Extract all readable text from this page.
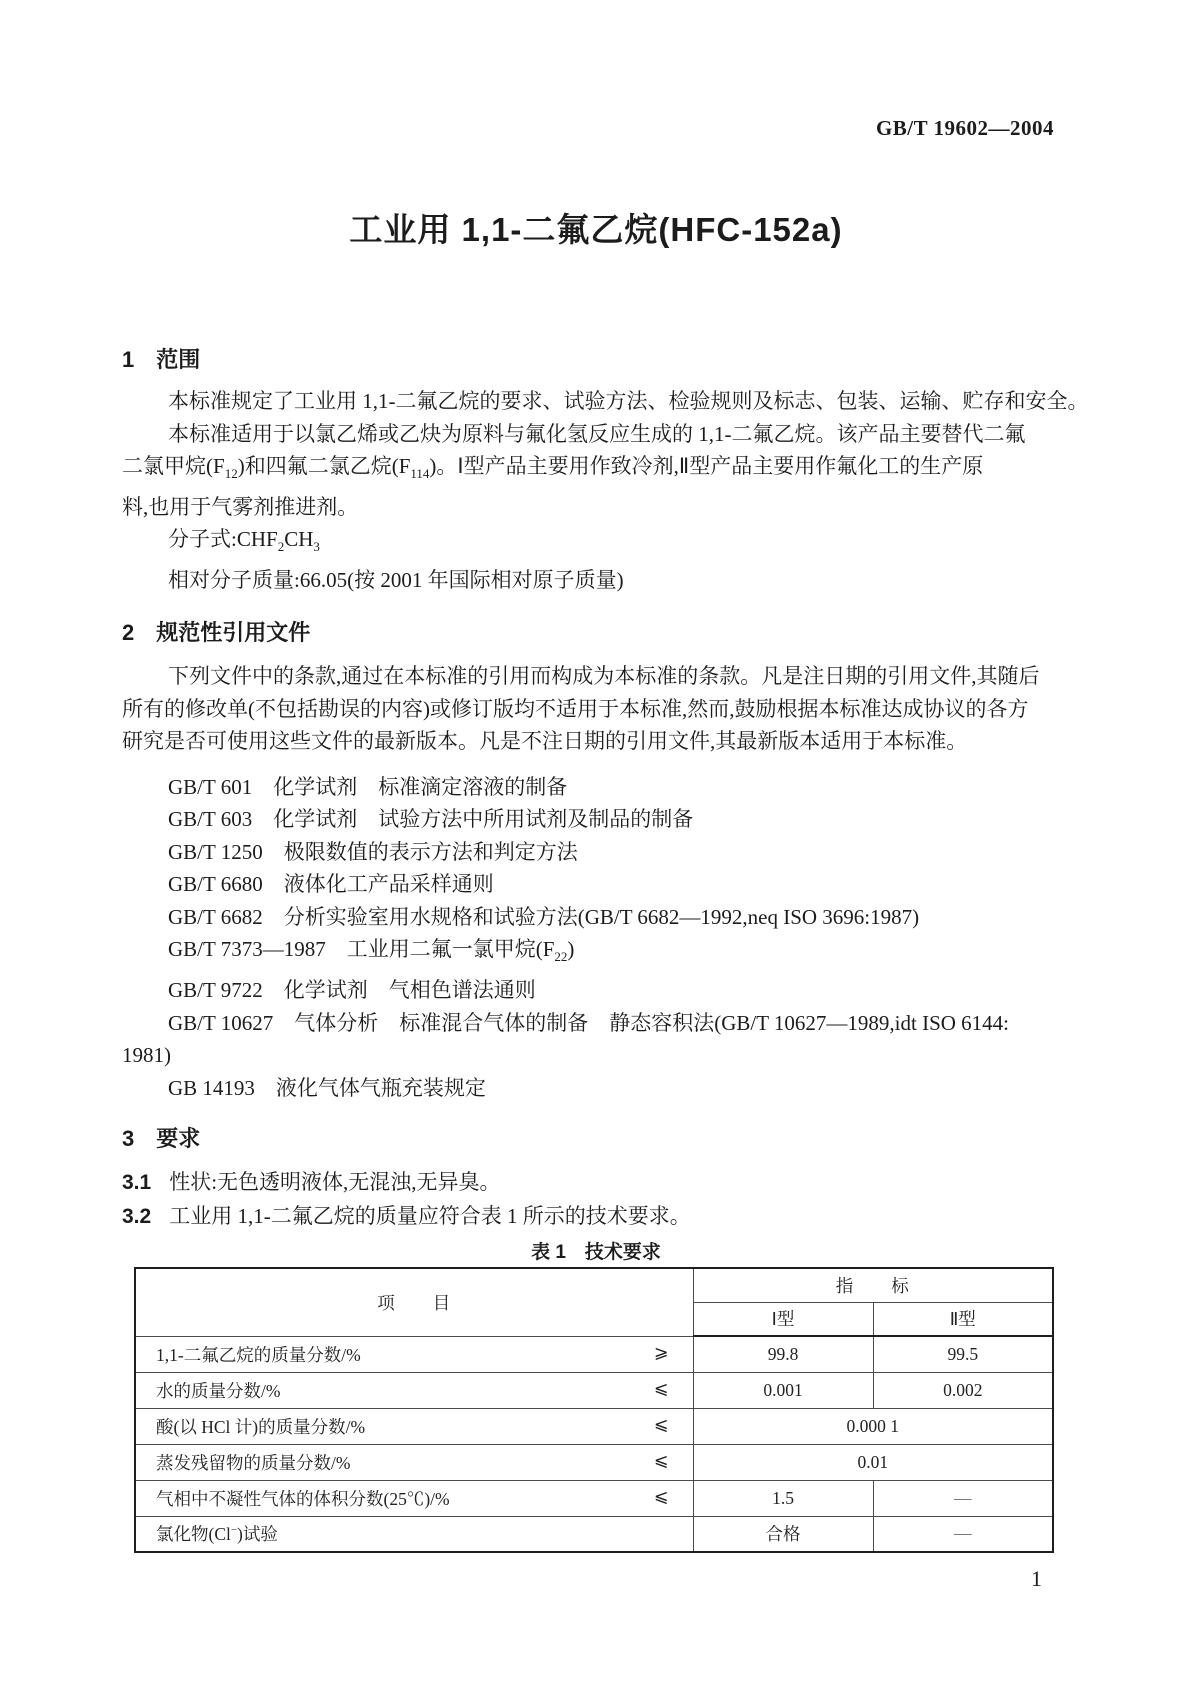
GB/T 19602—2004
工业用 1,1-二氟乙烷(HFC-152a)
1　范围
本标准规定了工业用 1,1-二氟乙烷的要求、试验方法、检验规则及标志、包装、运输、贮存和安全。
本标准适用于以氯乙烯或乙炔为原料与氟化氢反应生成的 1,1-二氟乙烷。该产品主要替代二氟
二氯甲烷$(F_{12})$和四氟二氯乙烷$(F_{114})$。Ⅰ型产品主要用作致冷剂,Ⅱ型产品主要用作氟化工的生产原
料,也用于气雾剂推进剂。
分子式$:CHF_2CH_3$
相对分子质量:66.05(按 2001 年国际相对原子质量)
2　规范性引用文件
下列文件中的条款,通过在本标准的引用而构成为本标准的条款。凡是注日期的引用文件,其随后
所有的修改单(不包括勘误的内容)或修订版均不适用于本标准,然而,鼓励根据本标准达成协议的各方
研究是否可使用这些文件的最新版本。凡是不注日期的引用文件,其最新版本适用于本标准。
GB/T 601　化学试剂　标准滴定溶液的制备
GB/T 603　化学试剂　试验方法中所用试剂及制品的制备
GB/T 1250　极限数值的表示方法和判定方法
GB/T 6680　液体化工产品采样通则
GB/T 6682　分析实验室用水规格和试验方法(GB/T 6682—1992,neq ISO 3696:1987)
GB/T 7373—1987　工业用二氟一氯甲烷$(F_{22})$
GB/T 9722　化学试剂　气相色谱法通则
GB/T 10627　气体分析　标准混合气体的制备　静态容积法(GB/T 10627—1989,idt ISO 6144:
1981)
GB 14193　液化气体气瓶充装规定
3　要求
3.1 性状:无色透明液体,无混浊,无异臭。
3.2 工业用 1,1-二氟乙烷的质量应符合表 1 所示的技术要求。
表 1　技术要求
项　　目	指　　标	
	Ⅰ型	Ⅱ型
1,1-二氟乙烷的质量分数/% ⩾	99.8	99.5
水的质量分数/% ⩽	0.001	0.002
酸(以 HCl 计)的质量分数/% ⩽	0.000 1	
蒸发残留物的质量分数/% ⩽	0.01	
气相中不凝性气体的体积分数(25℃)/% ⩽	1.5	—
氯化物(Cl−)试验	合格	—
1
